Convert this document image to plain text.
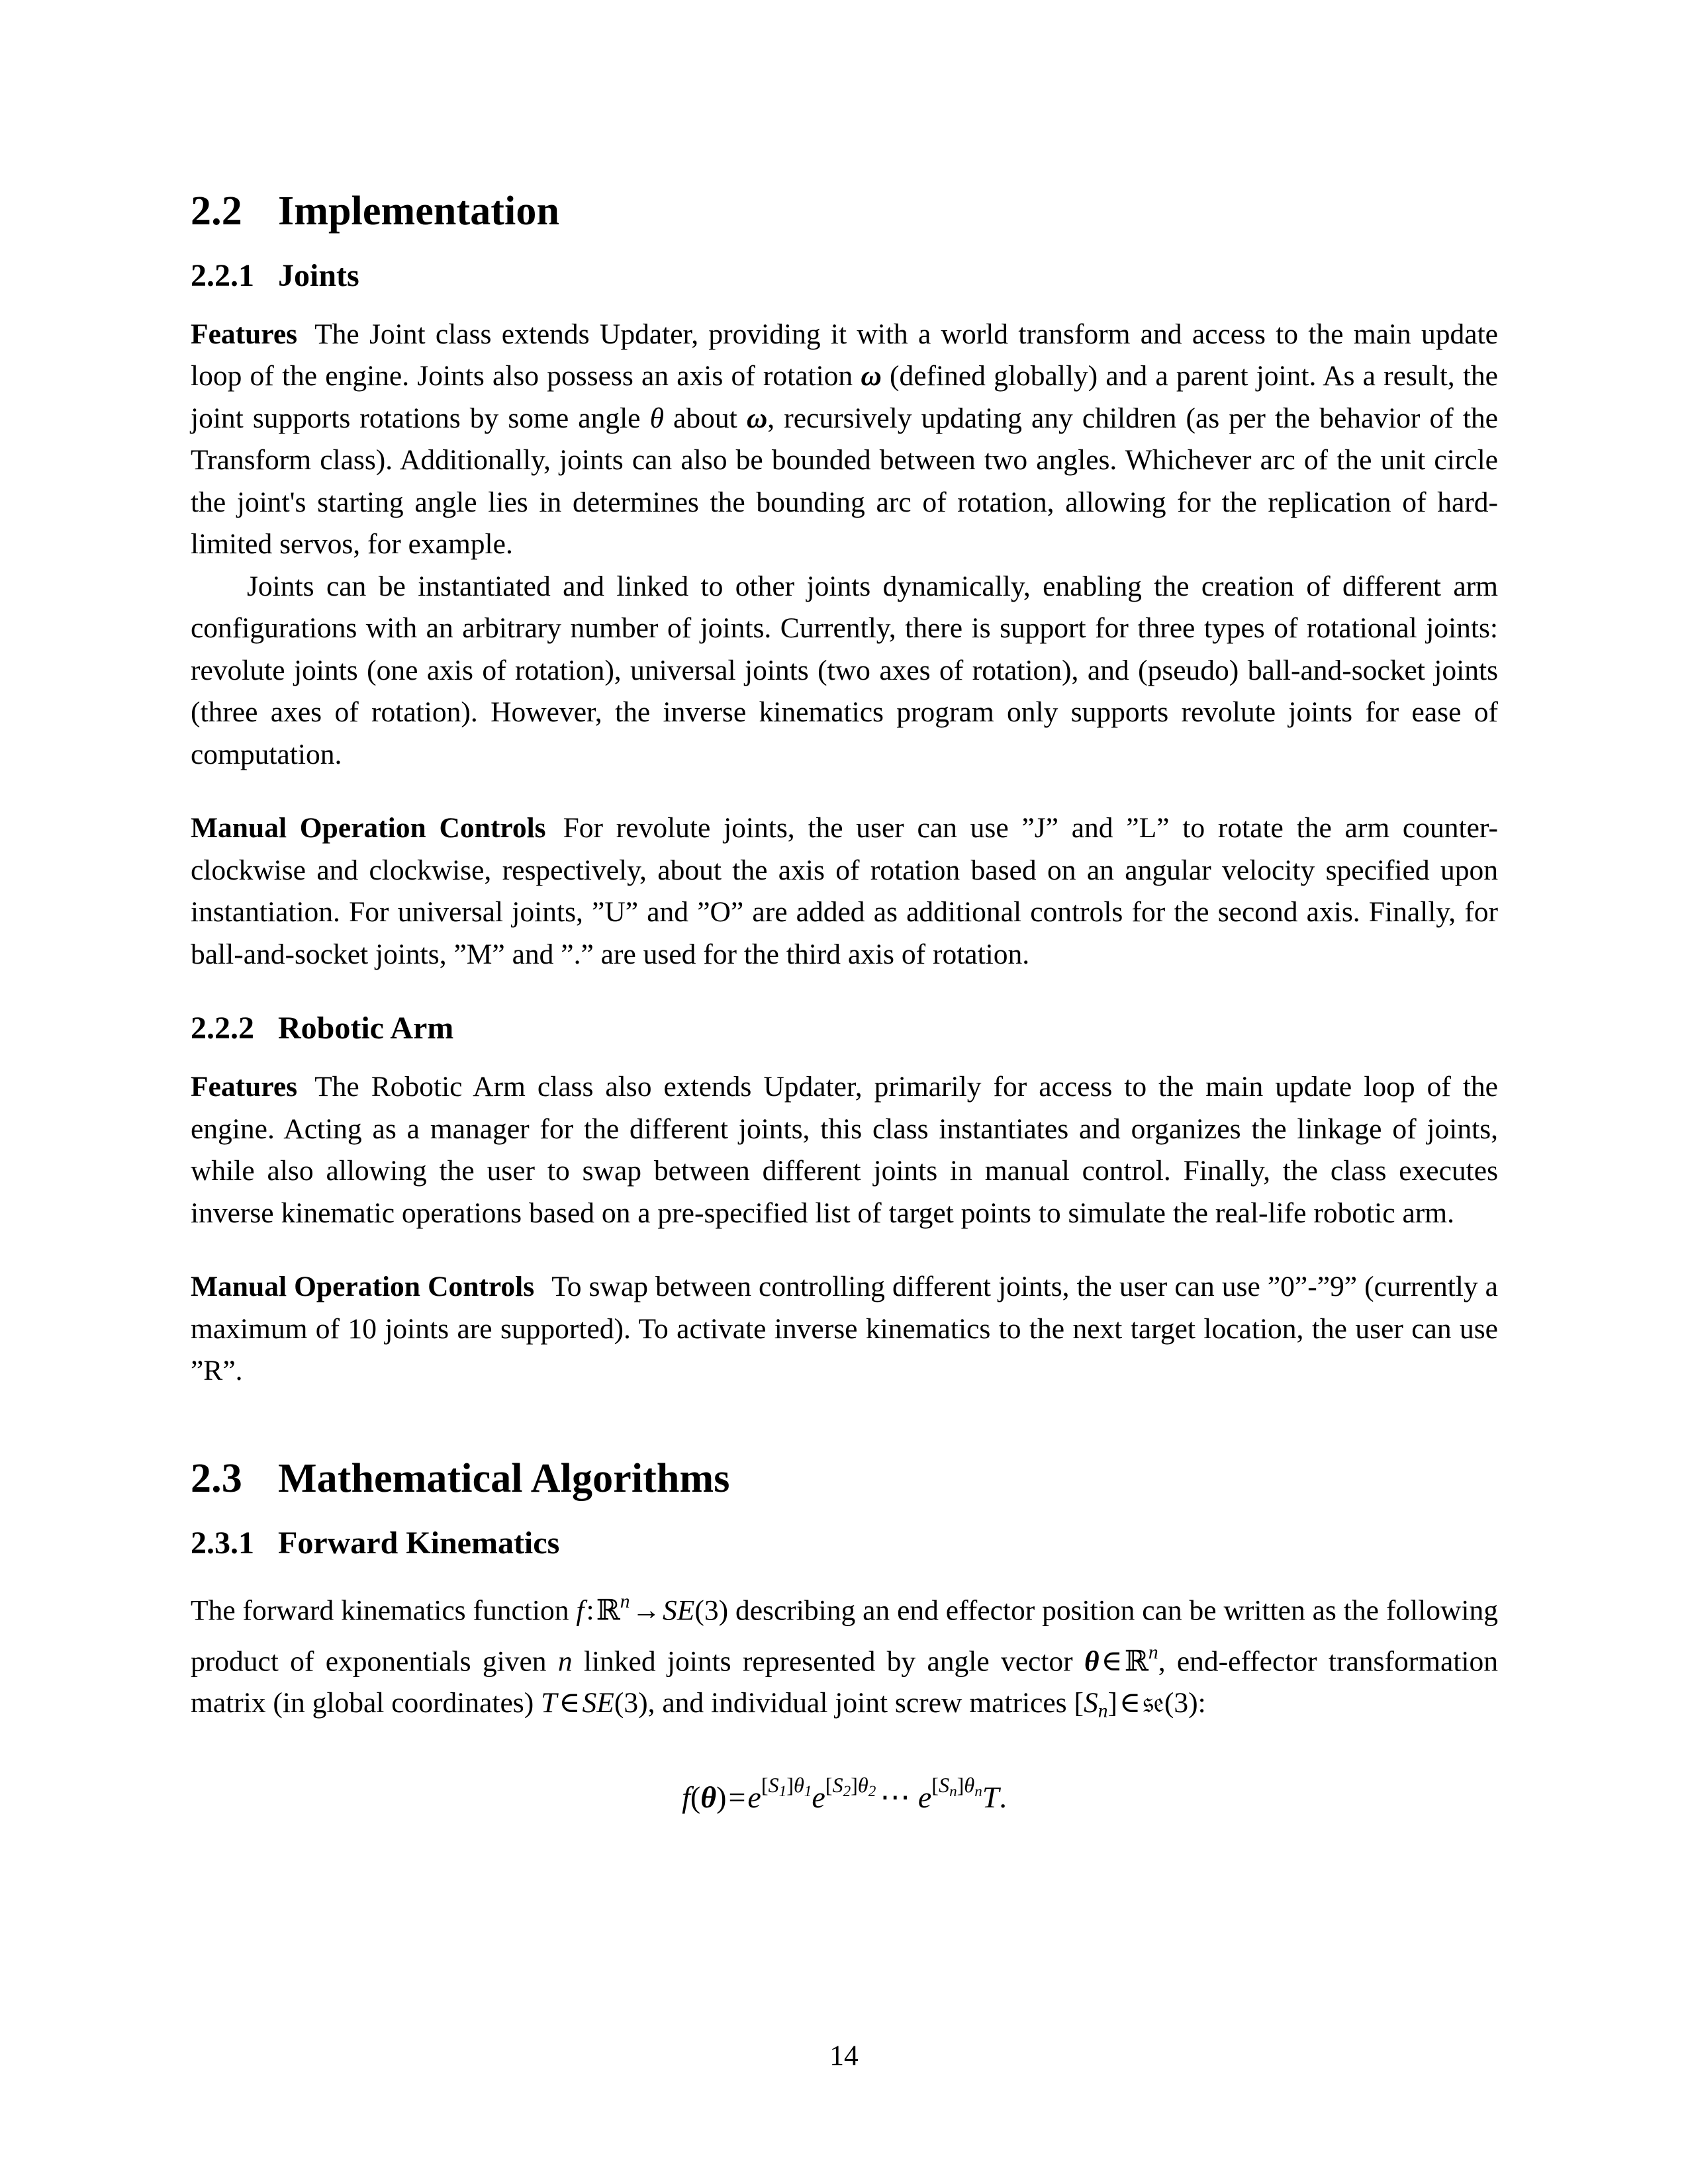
2.2 Implementation
2.2.1 Joints

Features The Joint class extends Updater, providing it with a world transform and access to the main update loop of the engine. Joints also possess an axis of rotation ω (defined globally) and a parent joint. As a result, the joint supports rotations by some angle θ about ω, recursively updating any children (as per the behavior of the Transform class). Additionally, joints can also be bounded between two angles. Whichever arc of the unit circle the joint's starting angle lies in determines the bounding arc of rotation, allowing for the replication of hard-limited servos, for example.

Joints can be instantiated and linked to other joints dynamically, enabling the creation of different arm configurations with an arbitrary number of joints. Currently, there is support for three types of rotational joints: revolute joints (one axis of rotation), universal joints (two axes of rotation), and (pseudo) ball-and-socket joints (three axes of rotation). However, the inverse kinematics program only supports revolute joints for ease of computation.

Manual Operation Controls For revolute joints, the user can use ”J” and ”L” to rotate the arm counter-clockwise and clockwise, respectively, about the axis of rotation based on an angular velocity specified upon instantiation. For universal joints, ”U” and ”O” are added as additional controls for the second axis. Finally, for ball-and-socket joints, ”M” and ”.” are used for the third axis of rotation.

2.2.2 Robotic Arm

Features The Robotic Arm class also extends Updater, primarily for access to the main update loop of the engine. Acting as a manager for the different joints, this class instantiates and organizes the linkage of joints, while also allowing the user to swap between different joints in manual control. Finally, the class executes inverse kinematic operations based on a pre-specified list of target points to simulate the real-life robotic arm.

Manual Operation Controls To swap between controlling different joints, the user can use ”0”-”9” (currently a maximum of 10 joints are supported). To activate inverse kinematics to the next target location, the user can use ”R”.

2.3 Mathematical Algorithms
2.3.1 Forward Kinematics

The forward kinematics function f:ℝ$^n$→SE(3) describing an end effector position can be written as the following product of exponentials given n linked joints represented by angle vector θ∈ℝ$^n$, end-effector transformation matrix (in global coordinates) T∈SE(3), and individual joint screw matrices $[S_n]\in 𝔰𝔢(3)$:

$f(\theta)=e^{[S_1]\theta_1}e^{[S_2]\theta_2}$ ⋯ $e^{[S_n]\theta_n}T$.
14
